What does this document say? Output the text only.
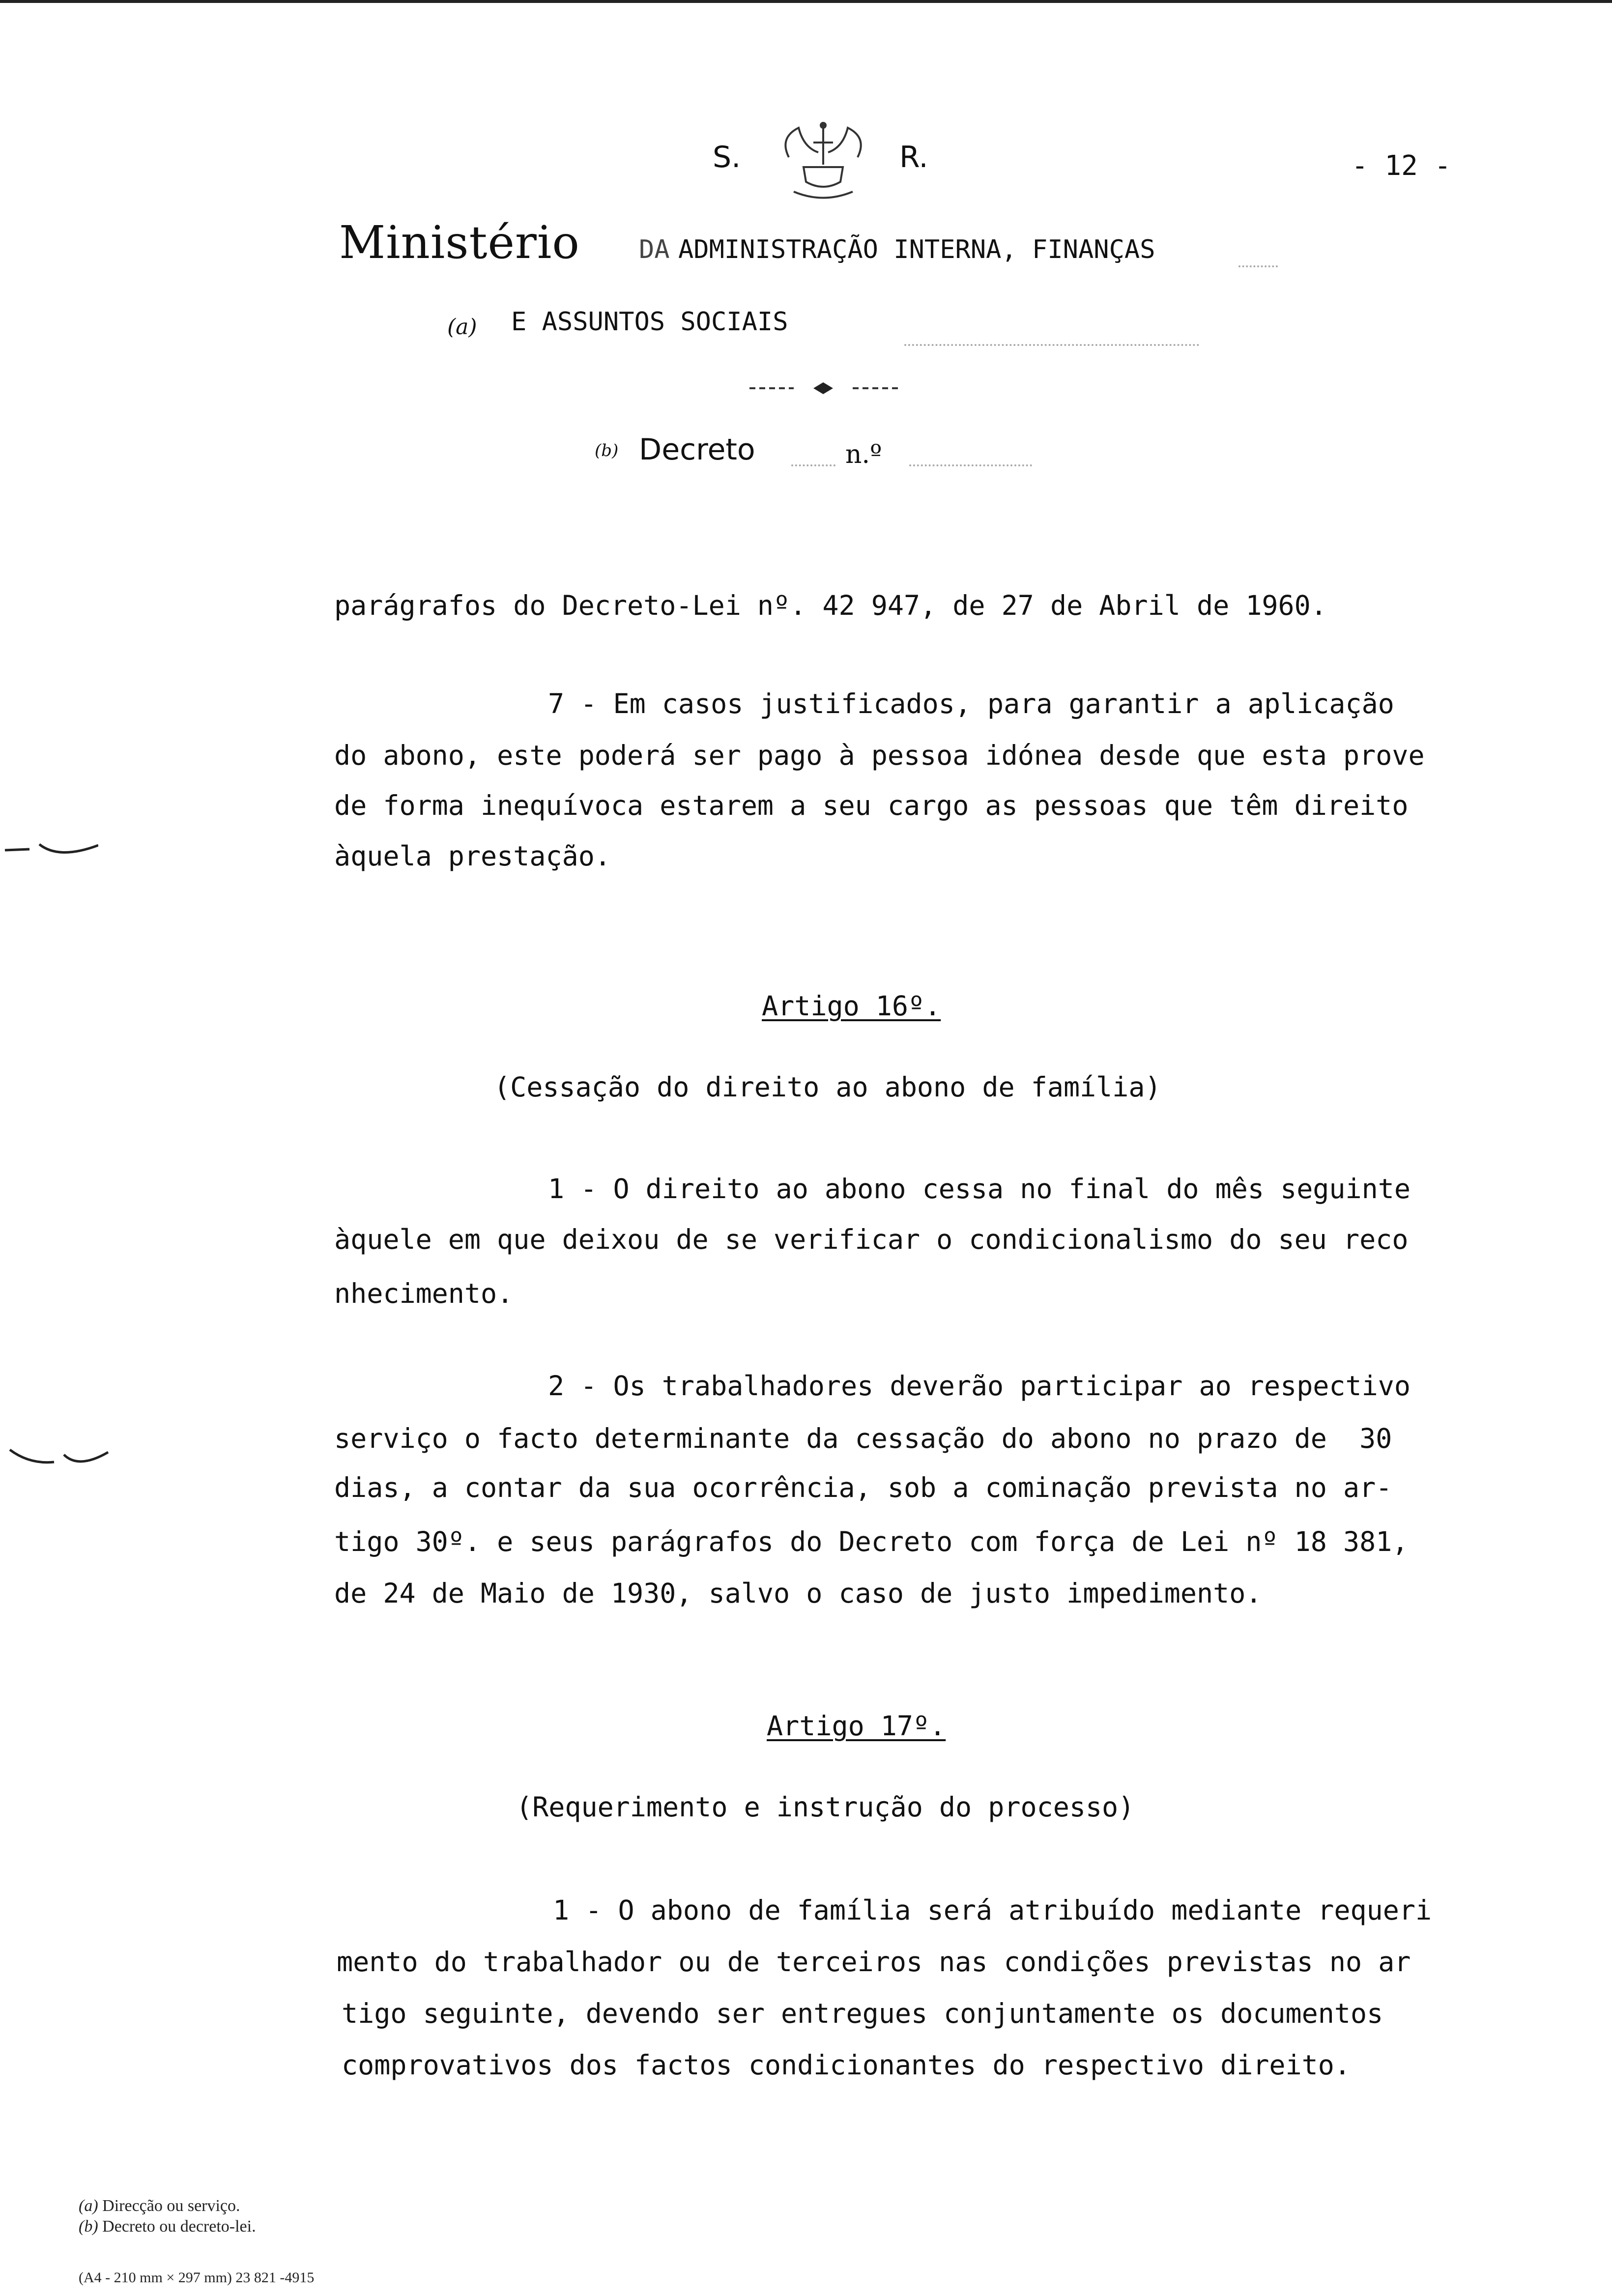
S.	R.	- 12 -
Ministério DA ADMINISTRAÇÃO INTERNA, FINANÇAS
(a) E ASSUNTOS SOCIAIS
(b) Decreto	n.º
parágrafos do Decreto-Lei nº. 42 947, de 27 de Abril de 1960.
7 - Em casos justificados, para garantir a aplicação
do abono, este poderá ser pago à pessoa idónea desde que esta prove
de forma inequívoca estarem a seu cargo as pessoas que têm direito
àquela prestação.
Artigo 16º.
(Cessação do direito ao abono de família)
1 - O direito ao abono cessa no final do mês seguinte
àquele em que deixou de se verificar o condicionalismo do seu reco
nhecimento.
2 - Os trabalhadores deverão participar ao respectivo
serviço o facto determinante da cessação do abono no prazo de  30
dias, a contar da sua ocorrência, sob a cominação prevista no ar-
tigo 30º. e seus parágrafos do Decreto com força de Lei nº 18 381,
de 24 de Maio de 1930, salvo o caso de justo impedimento.
Artigo 17º.
(Requerimento e instrução do processo)
1 - O abono de família será atribuído mediante requeri
mento do trabalhador ou de terceiros nas condições previstas no ar
tigo seguinte, devendo ser entregues conjuntamente os documentos
comprovativos dos factos condicionantes do respectivo direito.
(a) Direcção ou serviço.
(b) Decreto ou decreto-lei.
(A4 - 210 mm × 297 mm) 23 821 -4915
